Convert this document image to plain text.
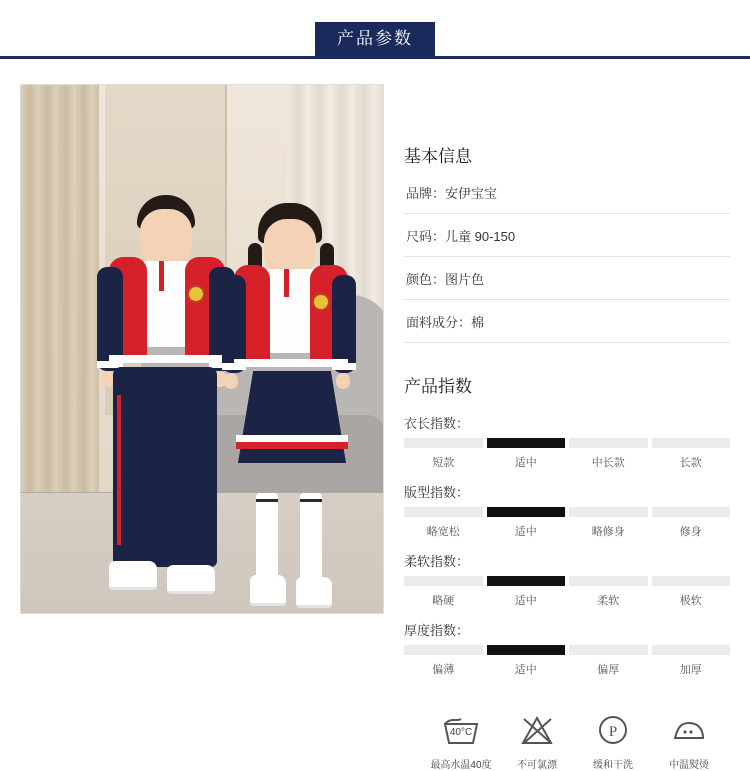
产品参数
基本信息
品牌：安伊宝宝
尺码：儿童 90-150
颜色：图片色
面料成分：棉
产品指数
衣长指数：
短款	适中	中长款	长款
版型指数：
略宽松	适中	略修身	修身
柔软指数：
略硬	适中	柔软	极软
厚度指数：
偏薄	适中	偏厚	加厚
40°C
最高水温40度	不可氯漂
P
缓和干洗	中温熨烫
